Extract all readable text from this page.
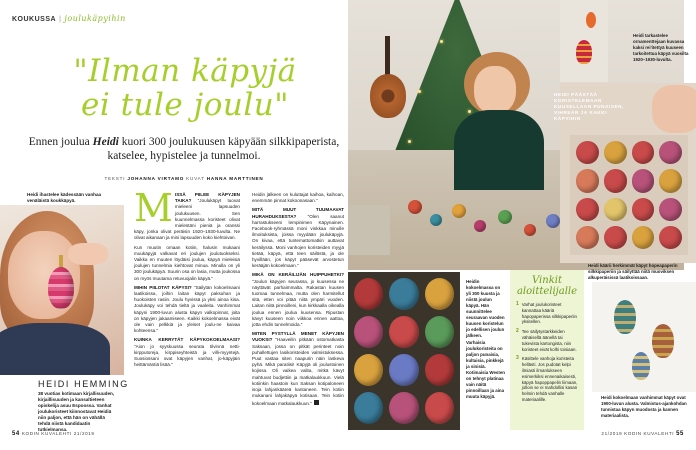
KOUKUSSA | joulukäpyihin
"Ilman käpyjä
ei tule joulu"
Ennen joulua Heidi kuori 300 joulukuusen käpyään silkkipaperista, katselee, hypistelee ja tunnelmoi.
TEKSTI JOHANNA VIRTAMO KUVAT HANNA MARTTINEN
Heidi ihastelee kädessään vanhaa venäläistä koukkäpyä.
HEIDI HEMMING
38 vuotias kotimaan kirjallisuuden, kirjaillisuuden ja kansaltieteen opiskelija asuu Espoossa. Vanhat joulukoristeet kiinnostavat Heidiä niin paljon, että hän on vähällä tehdä niistä kandidaatin tutkielmansa.

MISSÄ PIILEE KÄPYJEN TAIKA? "Joulukäpyt tuovat mieleeni lapsuuden joulukuusen. Sen kuunnelmassa koristeet olivat mielestäni pieniä ja oranssi käpy, jonka olivat peräisin 1920–1930-luvulta. Ne olivat aikanaan ja mini lapsuuden koko kiehtoivan.

Kun muutin omaan kotiin, halusin mukaani muukäpyjä valkavat eri joulujen joulutuokseksi. Vaikka en muuten löydäisi joulua, käpyä mieleisiä joulujen tunnelmia kiehtovat minua. Minulla on yli 300 joulukäpyä. Suurin osa on lasia, mutta joukossa on myös muutama retuvuojalin käpyä."

MIHIN PIILOTAT KÄPYSI? "Säilytän kokoelmaani laatikoissa, joihin laitan käpyt paksuhan ja huokoisten rasiin. Joulu hyvissä ja yksi ainoa kisa. Joulukäpy voi tehdä tieltä ja vaaleita. Vanhimmat käpyni 1900-luvun alusta käpyn valkopinnat, joita on käpyjen jakaamiseen. Kaikki kokoelmassa eivät ole vain pelkkiä ja yleiset joulu-ne kaivaa kohteensa."

KUINKA KERRYTÄT KÄPYKOKOELMAASI? "Aion jo syyskuussa seurata tilvinnä netti-kirpputoreja, kirppiseyhteistä ja villi-myyntejä. Suosiossani ovat käpyjen vanhat, jo-käpyjäin heittämäntiä lisää."

Heidin jälkeen on kuluttajat kaihoa, kaihoan, enemmän pinnat kokoonasaan."

MITÄ MUUT TUUMAAVAT HURAHDUKSESTA? "Olen saanut harrastukseeni lempinimen Käpynainen. Facebook-ryhmässä moni vinkkaa minulle ilmoituksista, joissa myydään joulukäpyjä. On kivaa, että tuntemattomatkin auttavat keräilyssä. Moni vanhojen koristeiden myyjä tietää, käpyä, että teen säilöstä, ja ole hyvillään, jos käpyt pääsevät arvostetun kerääjän kokoelmaan."

MIKÄ ON KERÄILIJÄN HUIPPUHETKI? "Joulun käpyjen seurassa, jo kuusessa ne näyttävät parhaimmalta. Rakastan kuusen tuomaa tunnelmaa, mutta olen harmitellut sitä, etten voi pitää niitä ympäri vuoden. Laitan niitä pinnoilleni, kun kirkkaalla oikealla joulua ennen joulua kuusensa. Ripustan kävyt kuuseen noin viikkoa ennen aattoa, jotta ehdin tunnelmoida."

MITEN PYSTYLLÄ MENET KÄPYJEN VUOKSI? "Haaveilin pitkään ostomatkasta Saksaan, jossa on pitkät perinteet noin puhallettujen lasikoristeiden valmistuksessa. Puut vastaa siten naapurin näin laskeva pyhä. Mikä paratiisi! Käpyjä oli joulustoinen kojissa. Oli vaikea valita, mitkä kävyt mahtuvat budjettiin ja matkalaukkuun. Vielä kotiinkin haastoin kun Saksan kotipaloneen isoja lahjankääreä kantaneen. Tein kotiin mukanani lahjakäpyä kotisaan. Tein kotiin kokoelmaan matkalaukkuun."

54 KODIN KUVALEHTI 21/2019
Heidi tarkastelee ornamenttejaan kuvassa kaksi rei'itettyä kuuseen tarkoitettua käpyä vuosilta 1920–1930-luvulta.
HEIDI PÄÄSTÄÄ KORISTELEMAAN KUUSELLAAN PUNAISEN, VIHREÄN JA KAKKI KÄPYIHIN
Heidi käärii herkimmät käpyt hopeapaperin silkkipaperiin ja säilyttää niitä muoviksen alkuperäisissä laatikoissaan.
Heidin kokoelmassa on yli 300 kuusta ja niistä joulun käpyä. Hän suunnittelee seuraavan vuoden kuusen koristelun jo edellisen joulun jälkeen.
Varhaisia joulukoristeita on paljon punaisia, kultaisia, pinkkejä ja sinisiä. Kotimaisia Westen on tehnyt platinaa vain näitä pinnoillaan ja aina muuta käpyjä.
Vinkit
aloittelijalle
1 Varhat joulukoristeet kannattaa kääriä hapopaperissa silkkipaperiin yksitellen.
2 Tee säilytystarkkeiden vähäisellä äänellä tai tukevista kartongista, niin koristeet eivät kolhi toisiaan.
3 Käsittele vanhoja koristeita hellästi. Jos pudotat kelpi ilmiasti ilmanlukseen esimerkiksi ennenaikaisesti, käpyä hapoppapelin liimaan, jolloin se ei mahdollisi kasan helmin tehdä vanhalle materiaalille.	Heidi kokoelmaan vanhimmat käpyt ovat 1900-luvun alusta. Valmistus-ajankohdan tunnistaa käpyn muodosta ja kannen materiaalista.
21/2019 KODIN KUVALEHTI 55
